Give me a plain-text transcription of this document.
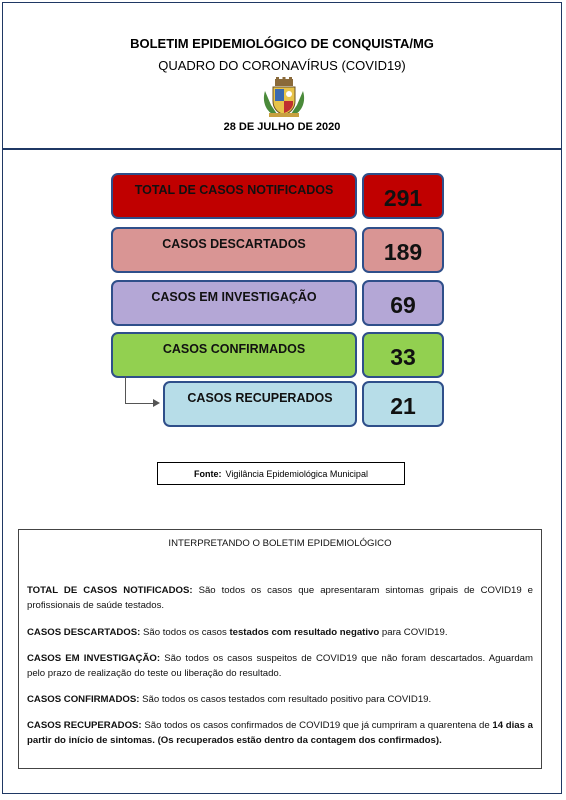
BOLETIM EPIDEMIOLÓGICO DE CONQUISTA/MG
QUADRO DO CORONAVÍRUS (COVID19)
28 DE JULHO DE 2020
TOTAL DE CASOS NOTIFICADOS 291
CASOS DESCARTADOS	189
CASOS EM INVESTIGAÇÃO	69
CASOS CONFIRMADOS	33
CASOS RECUPERADOS	21
Fonte: Vigilância Epidemiológica Municipal
INTERPRETANDO O BOLETIM EPIDEMIOLÓGICO
TOTAL DE CASOS NOTIFICADOS: São todos os casos que apresentaram sintomas gripais de COVID19 e profissionais de saúde testados.
CASOS DESCARTADOS: São todos os casos testados com resultado negativo para COVID19.
CASOS EM INVESTIGAÇÃO: São todos os casos suspeitos de COVID19 que não foram descartados. Aguardam pelo prazo de realização do teste ou liberação do resultado.
CASOS CONFIRMADOS: São todos os casos testados com resultado positivo para COVID19.
CASOS RECUPERADOS: São todos os casos confirmados de COVID19 que já cumpriram a quarentena de 14 dias a partir do início de sintomas. (Os recuperados estão dentro da contagem dos confirmados).
